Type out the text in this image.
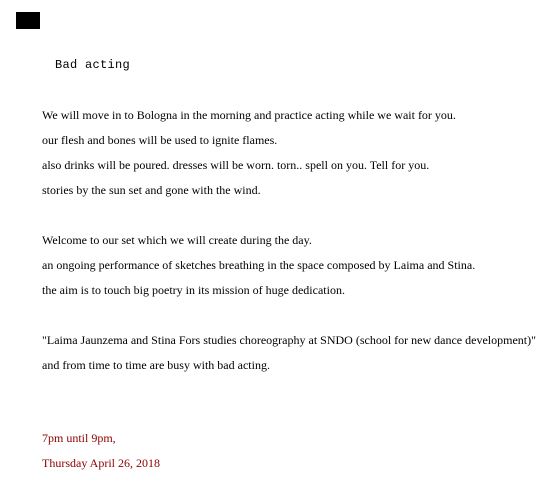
Bad acting
We will move in to Bologna in the morning and practice acting while we wait for you.
our flesh and bones will be used to ignite flames.
also drinks will be poured. dresses will be worn. torn.. spell on you. Tell for you.
stories by the sun set and gone with the wind.
Welcome to our set which we will create during the day.
an ongoing performance of sketches breathing in the space composed by Laima and Stina.
the aim is to touch big poetry in its mission of huge dedication.
"Laima Jaunzema and Stina Fors studies choreography at SNDO (school for new dance development)"
and from time to time are busy with bad acting.
7pm until 9pm,
Thursday April 26, 2018
